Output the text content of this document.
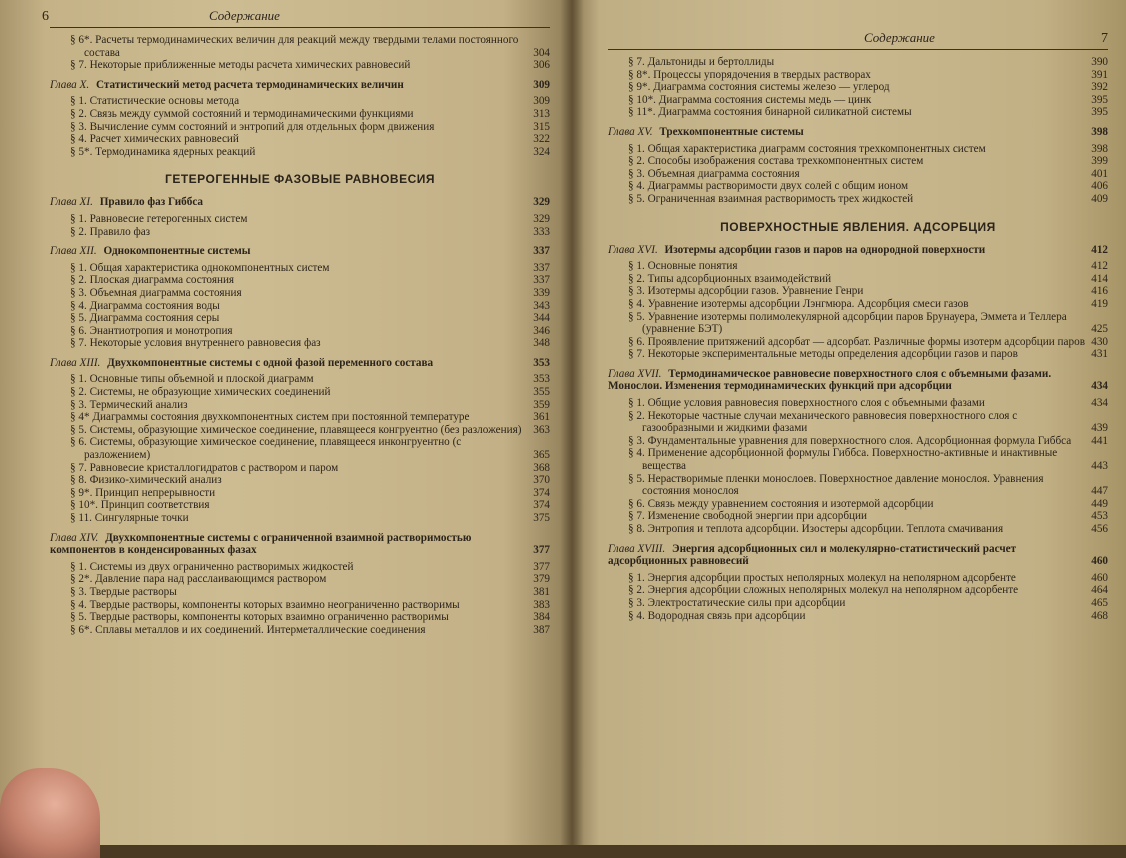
6	Содержание
§ 6*. Расчеты термодинамических величин для реакций между твердыми телами постоянного состава	304
§ 7. Некоторые приближенные методы расчета химических равновесий	306
Глава X. Статистический метод расчета термодинамических величин	309
§ 1. Статистические основы метода	309
§ 2. Связь между суммой состояний и термодинамическими функциями	313
§ 3. Вычисление сумм состояний и энтропий для отдельных форм движения	315
§ 4. Расчет химических равновесий	322
§ 5*. Термодинамика ядерных реакций	324
ГЕТЕРОГЕННЫЕ ФАЗОВЫЕ РАВНОВЕСИЯ
Глава XI. Правило фаз Гиббса	329
§ 1. Равновесие гетерогенных систем	329
§ 2. Правило фаз	333
Глава XII. Однокомпонентные системы	337
§ 1. Общая характеристика однокомпонентных систем	337
§ 2. Плоская диаграмма состояния	337
§ 3. Объемная диаграмма состояния	339
§ 4. Диаграмма состояния воды	343
§ 5. Диаграмма состояния серы	344
§ 6. Энантиотропия и монотропия	346
§ 7. Некоторые условия внутреннего равновесия фаз	348
Глава XIII. Двухкомпонентные системы с одной фазой переменного состава	353
§ 1. Основные типы объемной и плоской диаграмм	353
§ 2. Системы, не образующие химических соединений	355
§ 3. Термический анализ	359
§ 4* Диаграммы состояния двухкомпонентных систем при постоянной температуре	361
§ 5. Системы, образующие химическое соединение, плавящееся конгруентно (без разложения)	363
§ 6. Системы, образующие химическое соединение, плавящееся инконгруентно (с разложением)	365
§ 7. Равновесие кристаллогидратов с раствором и паром	368
§ 8. Физико-химический анализ	370
§ 9*. Принцип непрерывности	374
§ 10*. Принцип соответствия	374
§ 11. Сингулярные точки	375
Глава XIV. Двухкомпонентные системы с ограниченной взаимной растворимостью компонентов в конденсированных фазах	377
§ 1. Системы из двух ограниченно растворимых жидкостей	377
§ 2*. Давление пара над расслаивающимся раствором	379
§ 3. Твердые растворы	381
§ 4. Твердые растворы, компоненты которых взаимно неограниченно растворимы	383
§ 5. Твердые растворы, компоненты которых взаимно ограниченно растворимы	384
§ 6*. Сплавы металлов и их соединений. Интерметаллические соединения	387
Содержание	7
§ 7. Дальтониды и бертоллиды	390
§ 8*. Процессы упорядочения в твердых растворах	391
§ 9*. Диаграмма состояния системы железо — углерод	392
§ 10*. Диаграмма состояния системы медь — цинк	395
§ 11*. Диаграмма состояния бинарной силикатной системы	395
Глава XV. Трехкомпонентные системы	398
§ 1. Общая характеристика диаграмм состояния трехкомпонентных систем	398
§ 2. Способы изображения состава трехкомпонентных систем	399
§ 3. Объемная диаграмма состояния	401
§ 4. Диаграммы растворимости двух солей с общим ионом	406
§ 5. Ограниченная взаимная растворимость трех жидкостей	409
ПОВЕРХНОСТНЫЕ ЯВЛЕНИЯ. АДСОРБЦИЯ
Глава XVI. Изотермы адсорбции газов и паров на однородной поверхности	412
§ 1. Основные понятия	412
§ 2. Типы адсорбционных взаимодействий	414
§ 3. Изотермы адсорбции газов. Уравнение Генри	416
§ 4. Уравнение изотермы адсорбции Лэнгмюра. Адсорбция смеси газов	419
§ 5. Уравнение изотермы полимолекулярной адсорбции паров Брунауера, Эммета и Теллера (уравнение БЭТ)	425
§ 6. Проявление притяжений адсорбат — адсорбат. Различные формы изотерм адсорбции паров 430
§ 7. Некоторые экспериментальные методы определения адсорбции газов и паров	431
Глава XVII. Термодинамическое равновесие поверхностного слоя с объемными фазами. Монослои. Изменения термодинамических функций при адсорбции	434
§ 1. Общие условия равновесия поверхностного слоя с объемными фазами	434
§ 2. Некоторые частные случаи механического равновесия поверхностного слоя с газообразными и жидкими фазами	439
§ 3. Фундаментальные уравнения для поверхностного слоя. Адсорбционная формула Гиббса	441
§ 4. Применение адсорбционной формулы Гиббса. Поверхностно-активные и инактивные вещества	443
§ 5. Нерастворимые пленки монослоев. Поверхностное давление монослоя. Уравнения состояния монослоя	447
§ 6. Связь между уравнением состояния и изотермой адсорбции	449
§ 7. Изменение свободной энергии при адсорбции	453
§ 8. Энтропия и теплота адсорбции. Изостеры адсорбции. Теплота смачивания	456
Глава XVIII. Энергия адсорбционных сил и молекулярно-статистический расчет адсорбционных равновесий	460
§ 1. Энергия адсорбции простых неполярных молекул на неполярном адсорбенте	460
§ 2. Энергия адсорбции сложных неполярных молекул на неполярном адсорбенте	464
§ 3. Электростатические силы при адсорбции	465
§ 4. Водородная связь при адсорбции	468
